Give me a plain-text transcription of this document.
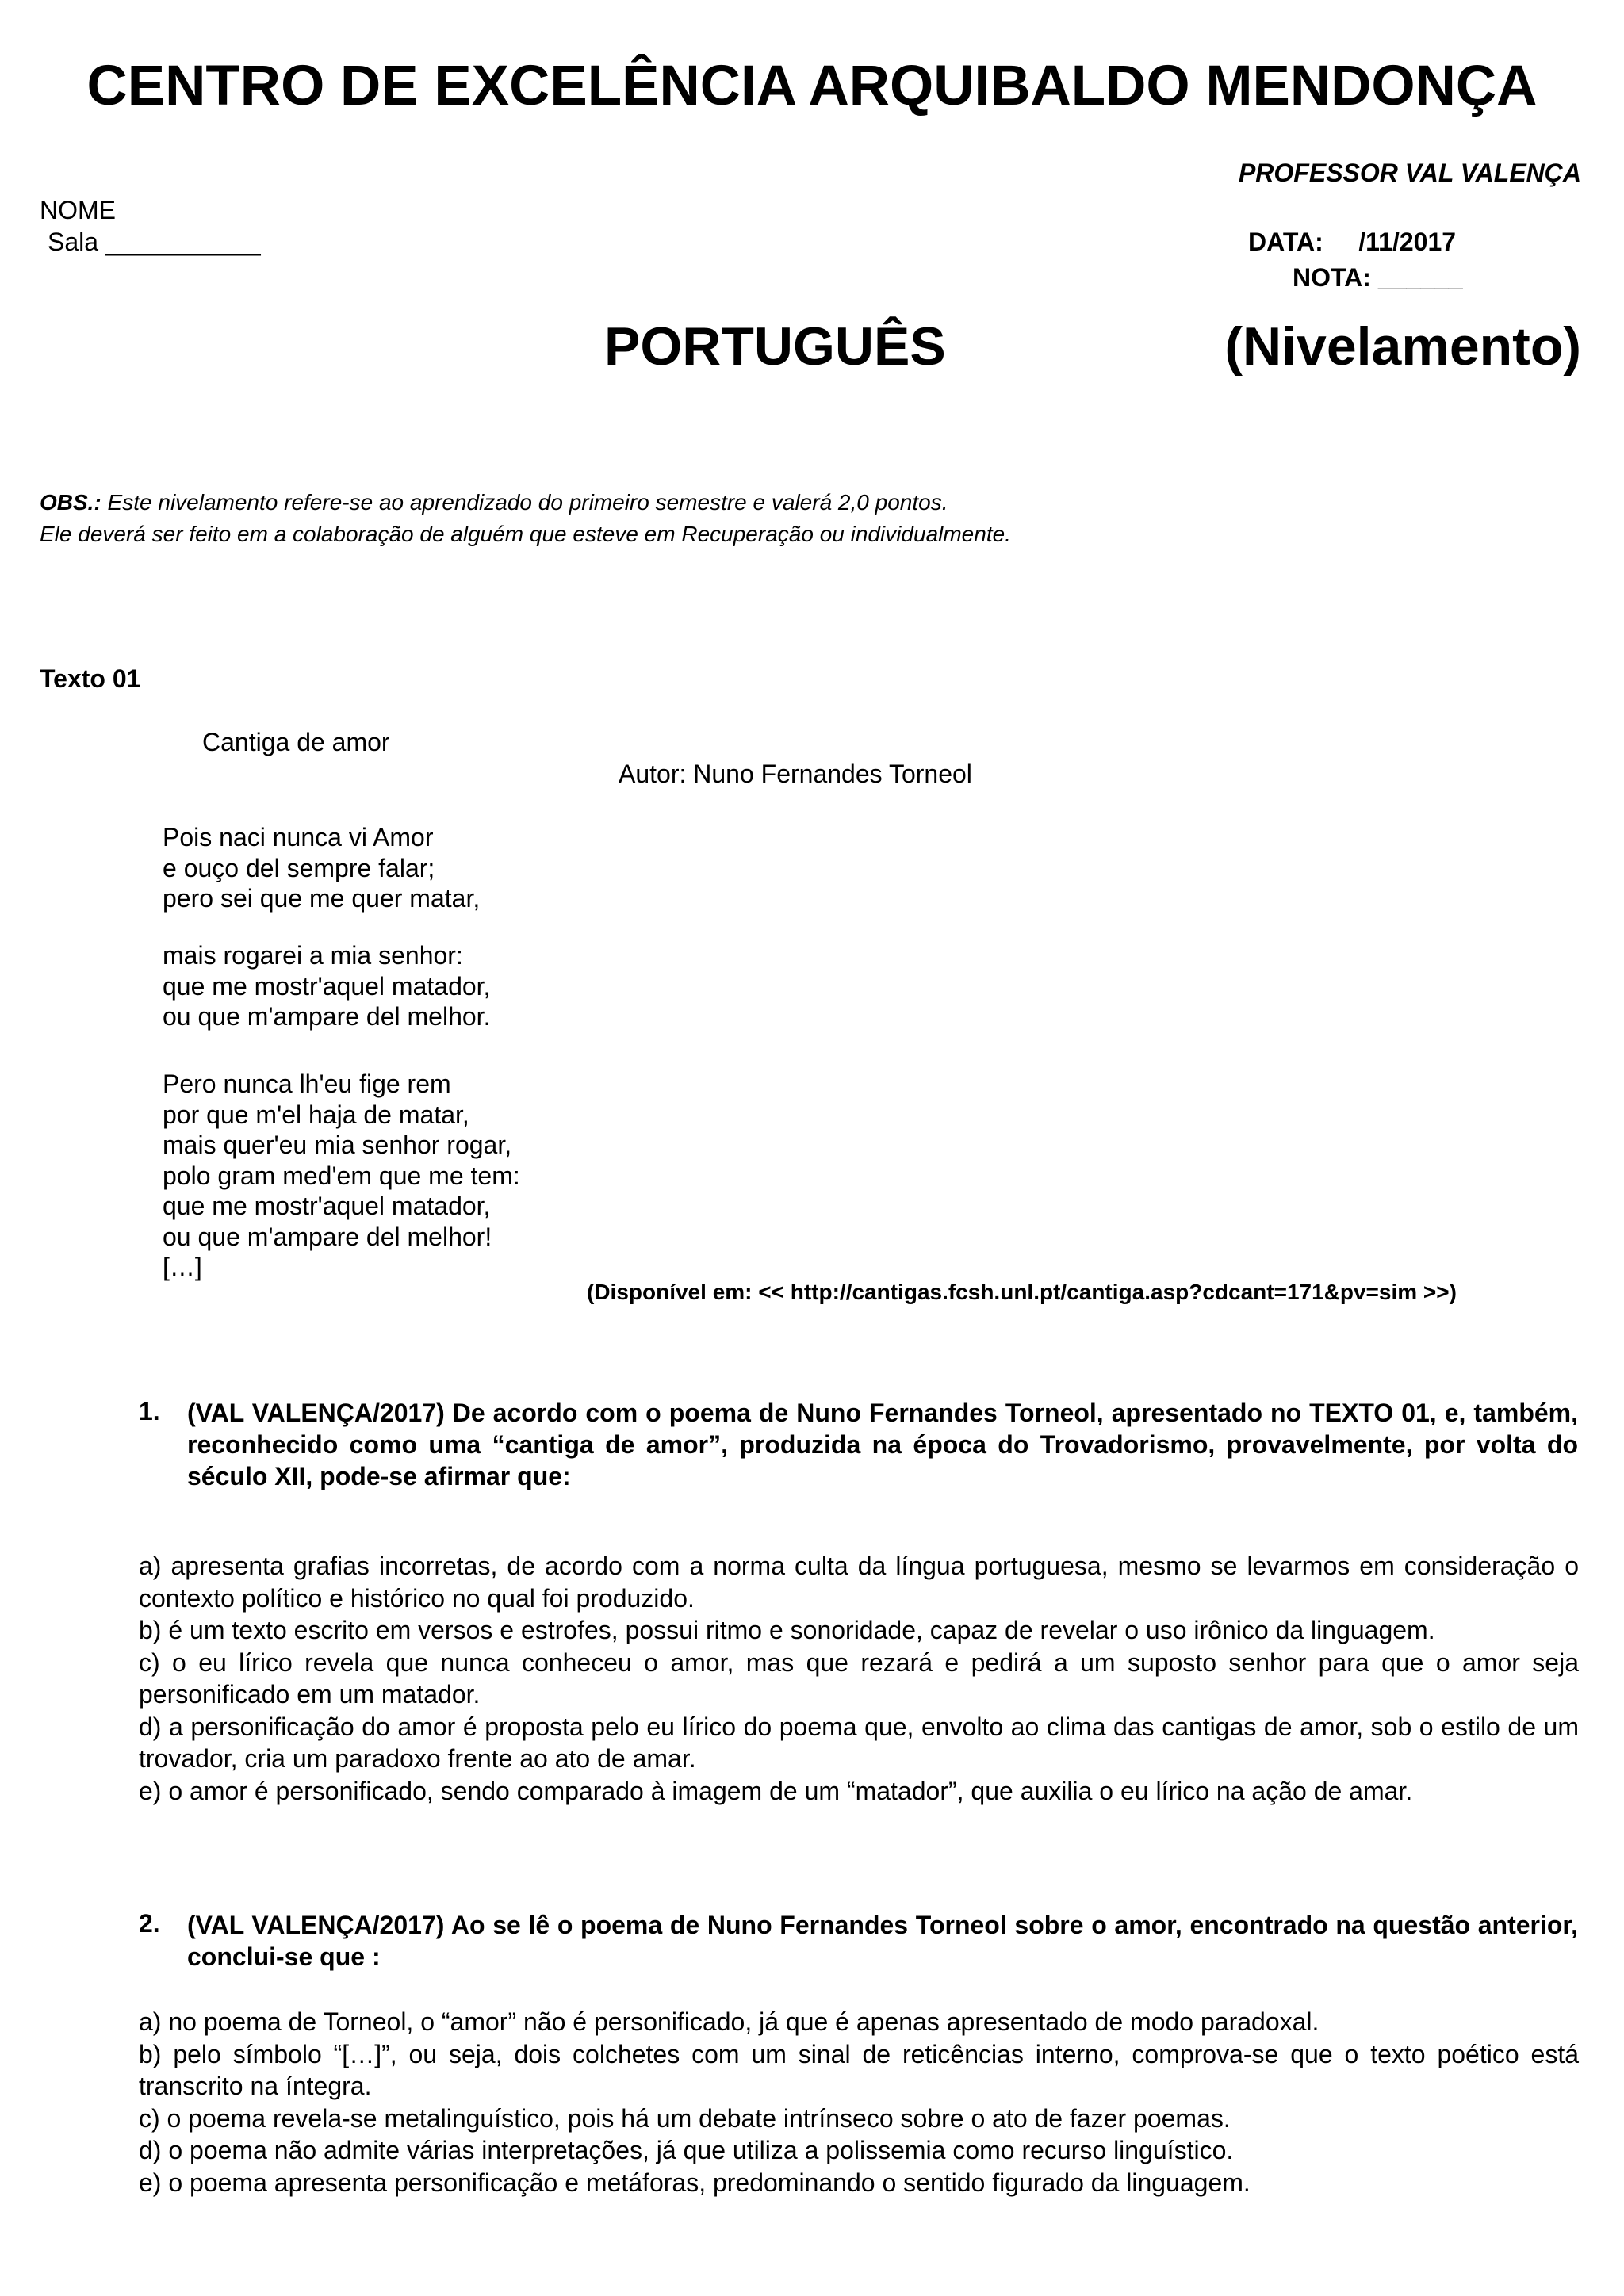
CENTRO DE EXCELÊNCIA ARQUIBALDO MENDONÇA
PROFESSOR VAL VALENÇA
NOME
Sala ___________	DATA:     /11/2017
NOTA: ______
PORTUGUÊS	(Nivelamento)
OBS.: Este nivelamento refere-se ao aprendizado do primeiro semestre e valerá 2,0 pontos.
Ele deverá ser feito em a colaboração de alguém que esteve em Recuperação ou individualmente.
Texto 01
Cantiga de amor
Autor: Nuno Fernandes Torneol
Pois naci nunca vi Amor
e ouço del sempre falar;
pero sei que me quer matar,
mais rogarei a mia senhor:
que me mostr'aquel matador,
ou que m'ampare del melhor.
Pero nunca lh'eu fige rem
por que m'el haja de matar,
mais quer'eu mia senhor rogar,
polo gram med'em que me tem:
que me mostr'aquel matador,
ou que m'ampare del melhor!
[…]
(Disponível em: << http://cantigas.fcsh.unl.pt/cantiga.asp?cdcant=171&pv=sim >>)
1. (VAL VALENÇA/2017) De acordo com o poema de Nuno Fernandes Torneol, apresentado no TEXTO 01, e, também, reconhecido como uma “cantiga de amor”, produzida na época do Trovadorismo, provavelmente, por volta do século XII, pode-se afirmar que:

a) apresenta grafias incorretas, de acordo com a norma culta da língua portuguesa, mesmo se levarmos em consideração o contexto político e histórico no qual foi produzido.

b) é um texto escrito em versos e estrofes, possui ritmo e sonoridade, capaz de revelar o uso irônico da linguagem.

c) o eu lírico revela que nunca conheceu o amor, mas que rezará e pedirá a um suposto senhor para que o amor seja personificado em um matador.

d) a personificação do amor é proposta pelo eu lírico do poema que, envolto ao clima das cantigas de amor, sob o estilo de um trovador, cria um paradoxo frente ao ato de amar.

e) o amor é personificado, sendo comparado à imagem de um “matador”, que auxilia o eu lírico na ação de amar.

2. (VAL VALENÇA/2017) Ao se lê o poema de Nuno Fernandes Torneol sobre o amor, encontrado na questão anterior, conclui-se que :

a) no poema de Torneol, o “amor” não é personificado, já que é apenas apresentado de modo paradoxal.

b) pelo símbolo “[…]”, ou seja, dois colchetes com um sinal de reticências interno, comprova-se que o texto poético está transcrito na íntegra.

c) o poema revela-se metalinguístico, pois há um debate intrínseco sobre o ato de fazer poemas.

d) o poema não admite várias interpretações, já que utiliza a polissemia como recurso linguístico.

e) o poema apresenta personificação e metáforas, predominando o sentido figurado da linguagem.
